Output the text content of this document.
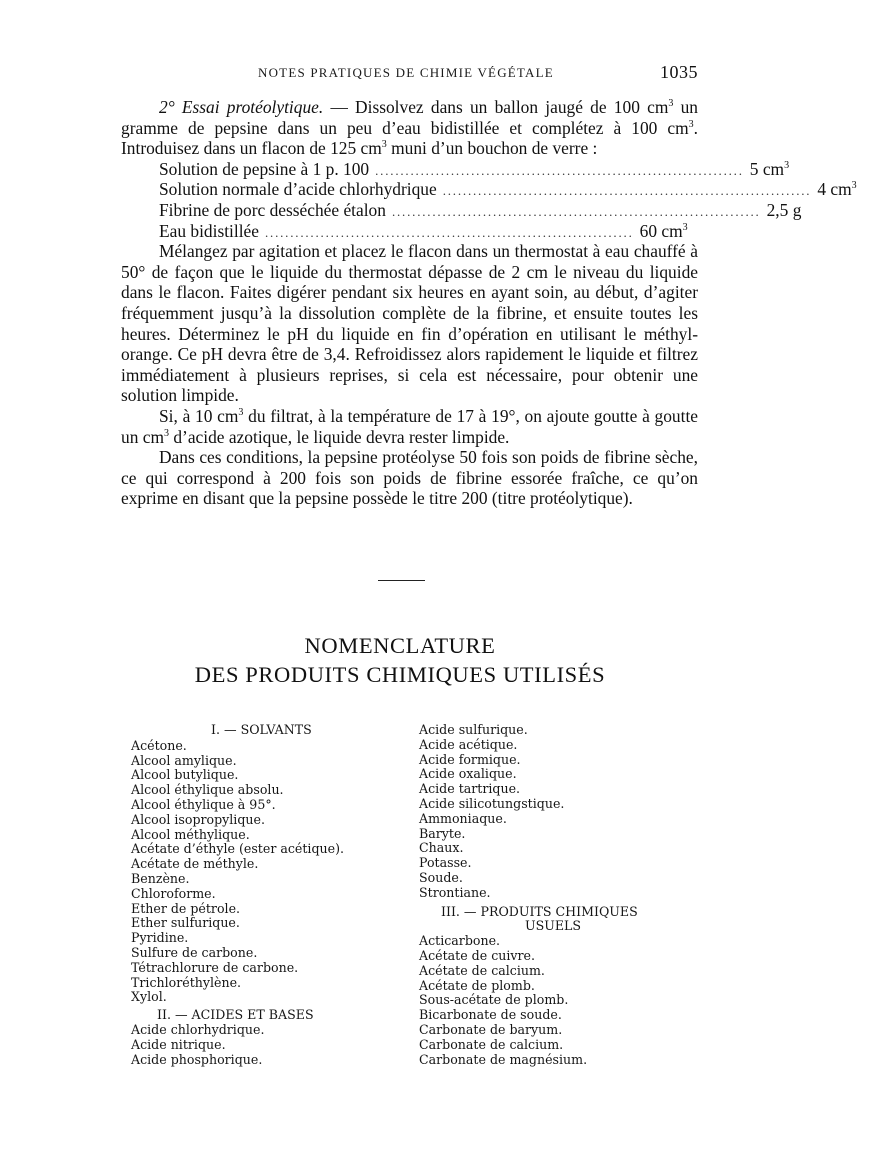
NOTES PRATIQUES DE CHIMIE VÉGÉTALE	1035

2° Essai protéolytique. — Dissolvez dans un ballon jaugé de 100 $cm^3$ un gramme de pepsine dans un peu d’eau bidistillée et complétez à 100 $cm^3$. Introduisez dans un flacon de 125 $cm^3$ muni d’un bouchon de verre :

Solution de pepsine à 1 p. 100 ......................................................................... 5 $cm^3$
Solution normale d’acide chlorhydrique ......................................................................... 4 $cm^3$
Fibrine de porc desséchée étalon ......................................................................... 2,5 g
Eau bidistillée ......................................................................... 60 $cm^3$

Mélangez par agitation et placez le flacon dans un thermostat à eau chauffé à 50° de façon que le liquide du thermostat dépasse de 2 cm le niveau du liquide dans le flacon. Faites digérer pendant six heures en ayant soin, au début, d’agiter fréquemment jusqu’à la dissolution complète de la fibrine, et ensuite toutes les heures. Déterminez le pH du liquide en fin d’opération en utilisant le méthyl-orange. Ce pH devra être de 3,4. Refroidissez alors rapidement le liquide et filtrez immédiatement à plusieurs reprises, si cela est nécessaire, pour obtenir une solution limpide.

Si, à 10 $cm^3$ du filtrat, à la température de 17 à 19°, on ajoute goutte à goutte un $cm^3$ d’acide azotique, le liquide devra rester limpide.

Dans ces conditions, la pepsine protéolyse 50 fois son poids de fibrine sèche, ce qui correspond à 200 fois son poids de fibrine essorée fraîche, ce qu’on exprime en disant que la pepsine possède le titre 200 (titre protéolytique).

NOMENCLATURE
DES PRODUITS CHIMIQUES UTILISÉS
I. — SOLVANTS
Acétone.
Alcool amylique.
Alcool butylique.
Alcool éthylique absolu.
Alcool éthylique à 95°.
Alcool isopropylique.
Alcool méthylique.
Acétate d’éthyle (ester acétique).
Acétate de méthyle.
Benzène.
Chloroforme.
Ether de pétrole.
Ether sulfurique.
Pyridine.
Sulfure de carbone.
Tétrachlorure de carbone.
Trichloréthylène.
Xylol.
II. — ACIDES ET BASES
Acide chlorhydrique.
Acide nitrique.
Acide phosphorique.
Acide sulfurique.
Acide acétique.
Acide formique.
Acide oxalique.
Acide tartrique.
Acide silicotungstique.
Ammoniaque.
Baryte.
Chaux.
Potasse.
Soude.
Strontiane.
III. — PRODUITS CHIMIQUES
USUELS
Acticarbone.
Acétate de cuivre.
Acétate de calcium.
Acétate de plomb.
Sous-acétate de plomb.
Bicarbonate de soude.
Carbonate de baryum.
Carbonate de calcium.
Carbonate de magnésium.
